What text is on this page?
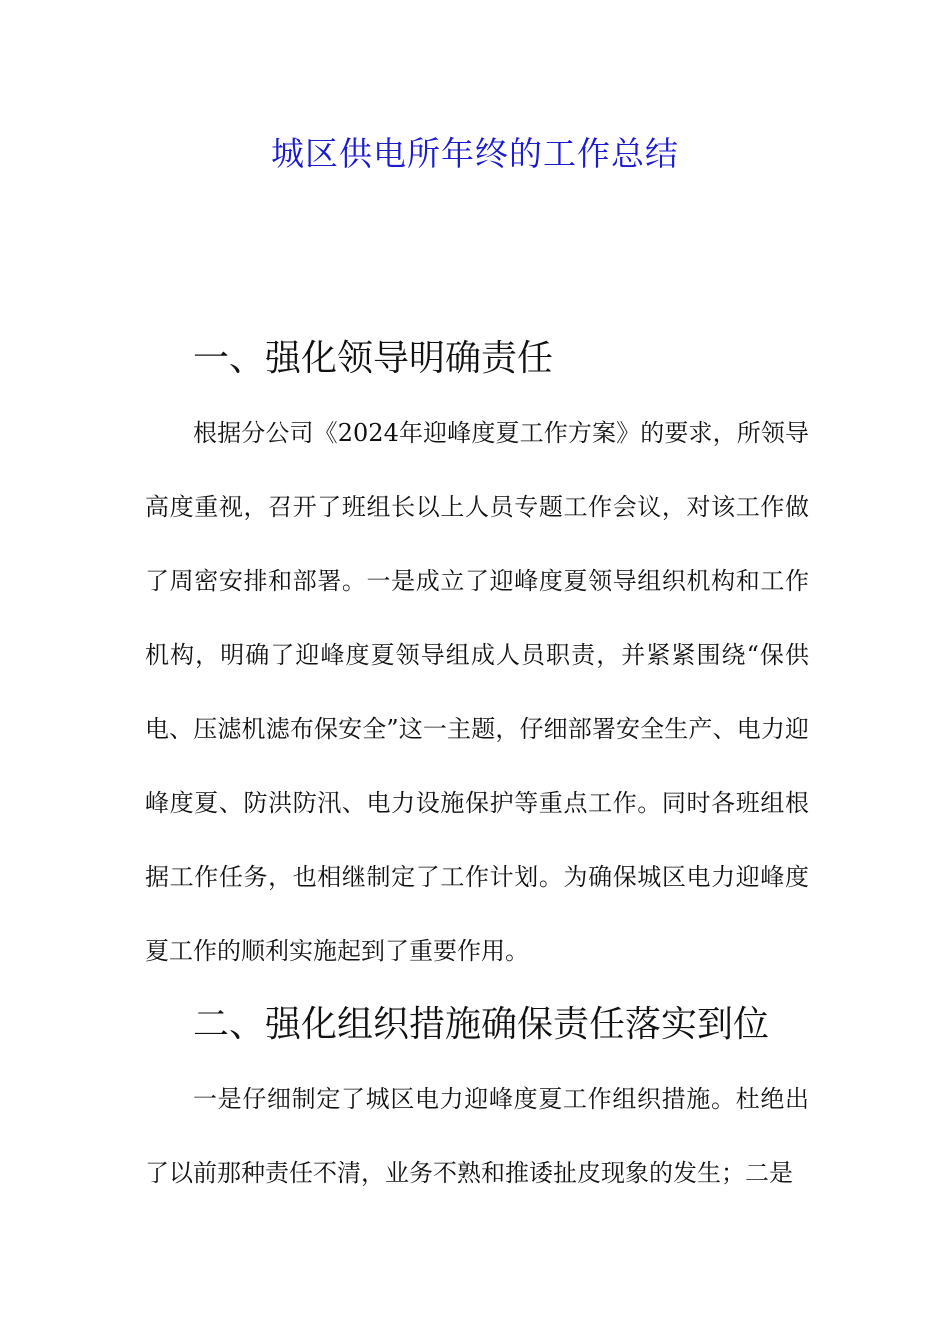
城区供电所年终的工作总结
一、强化领导明确责任

根据分公司《2024年迎峰度夏工作方案》的要求，所领导高度重视，召开了班组长以上人员专题工作会议，对该工作做了周密安排和部署。一是成立了迎峰度夏领导组织机构和工作机构，明确了迎峰度夏领导组成人员职责，并紧紧围绕“保供电、压滤机滤布保安全”这一主题，仔细部署安全生产、电力迎峰度夏、防洪防汛、电力设施保护等重点工作。同时各班组根据工作任务，也相继制定了工作计划。为确保城区电力迎峰度夏工作的顺利实施起到了重要作用。

二、强化组织措施确保责任落实到位

一是仔细制定了城区电力迎峰度夏工作组织措施。杜绝出了以前那种责任不清，业务不熟和推诿扯皮现象的发生；二是
